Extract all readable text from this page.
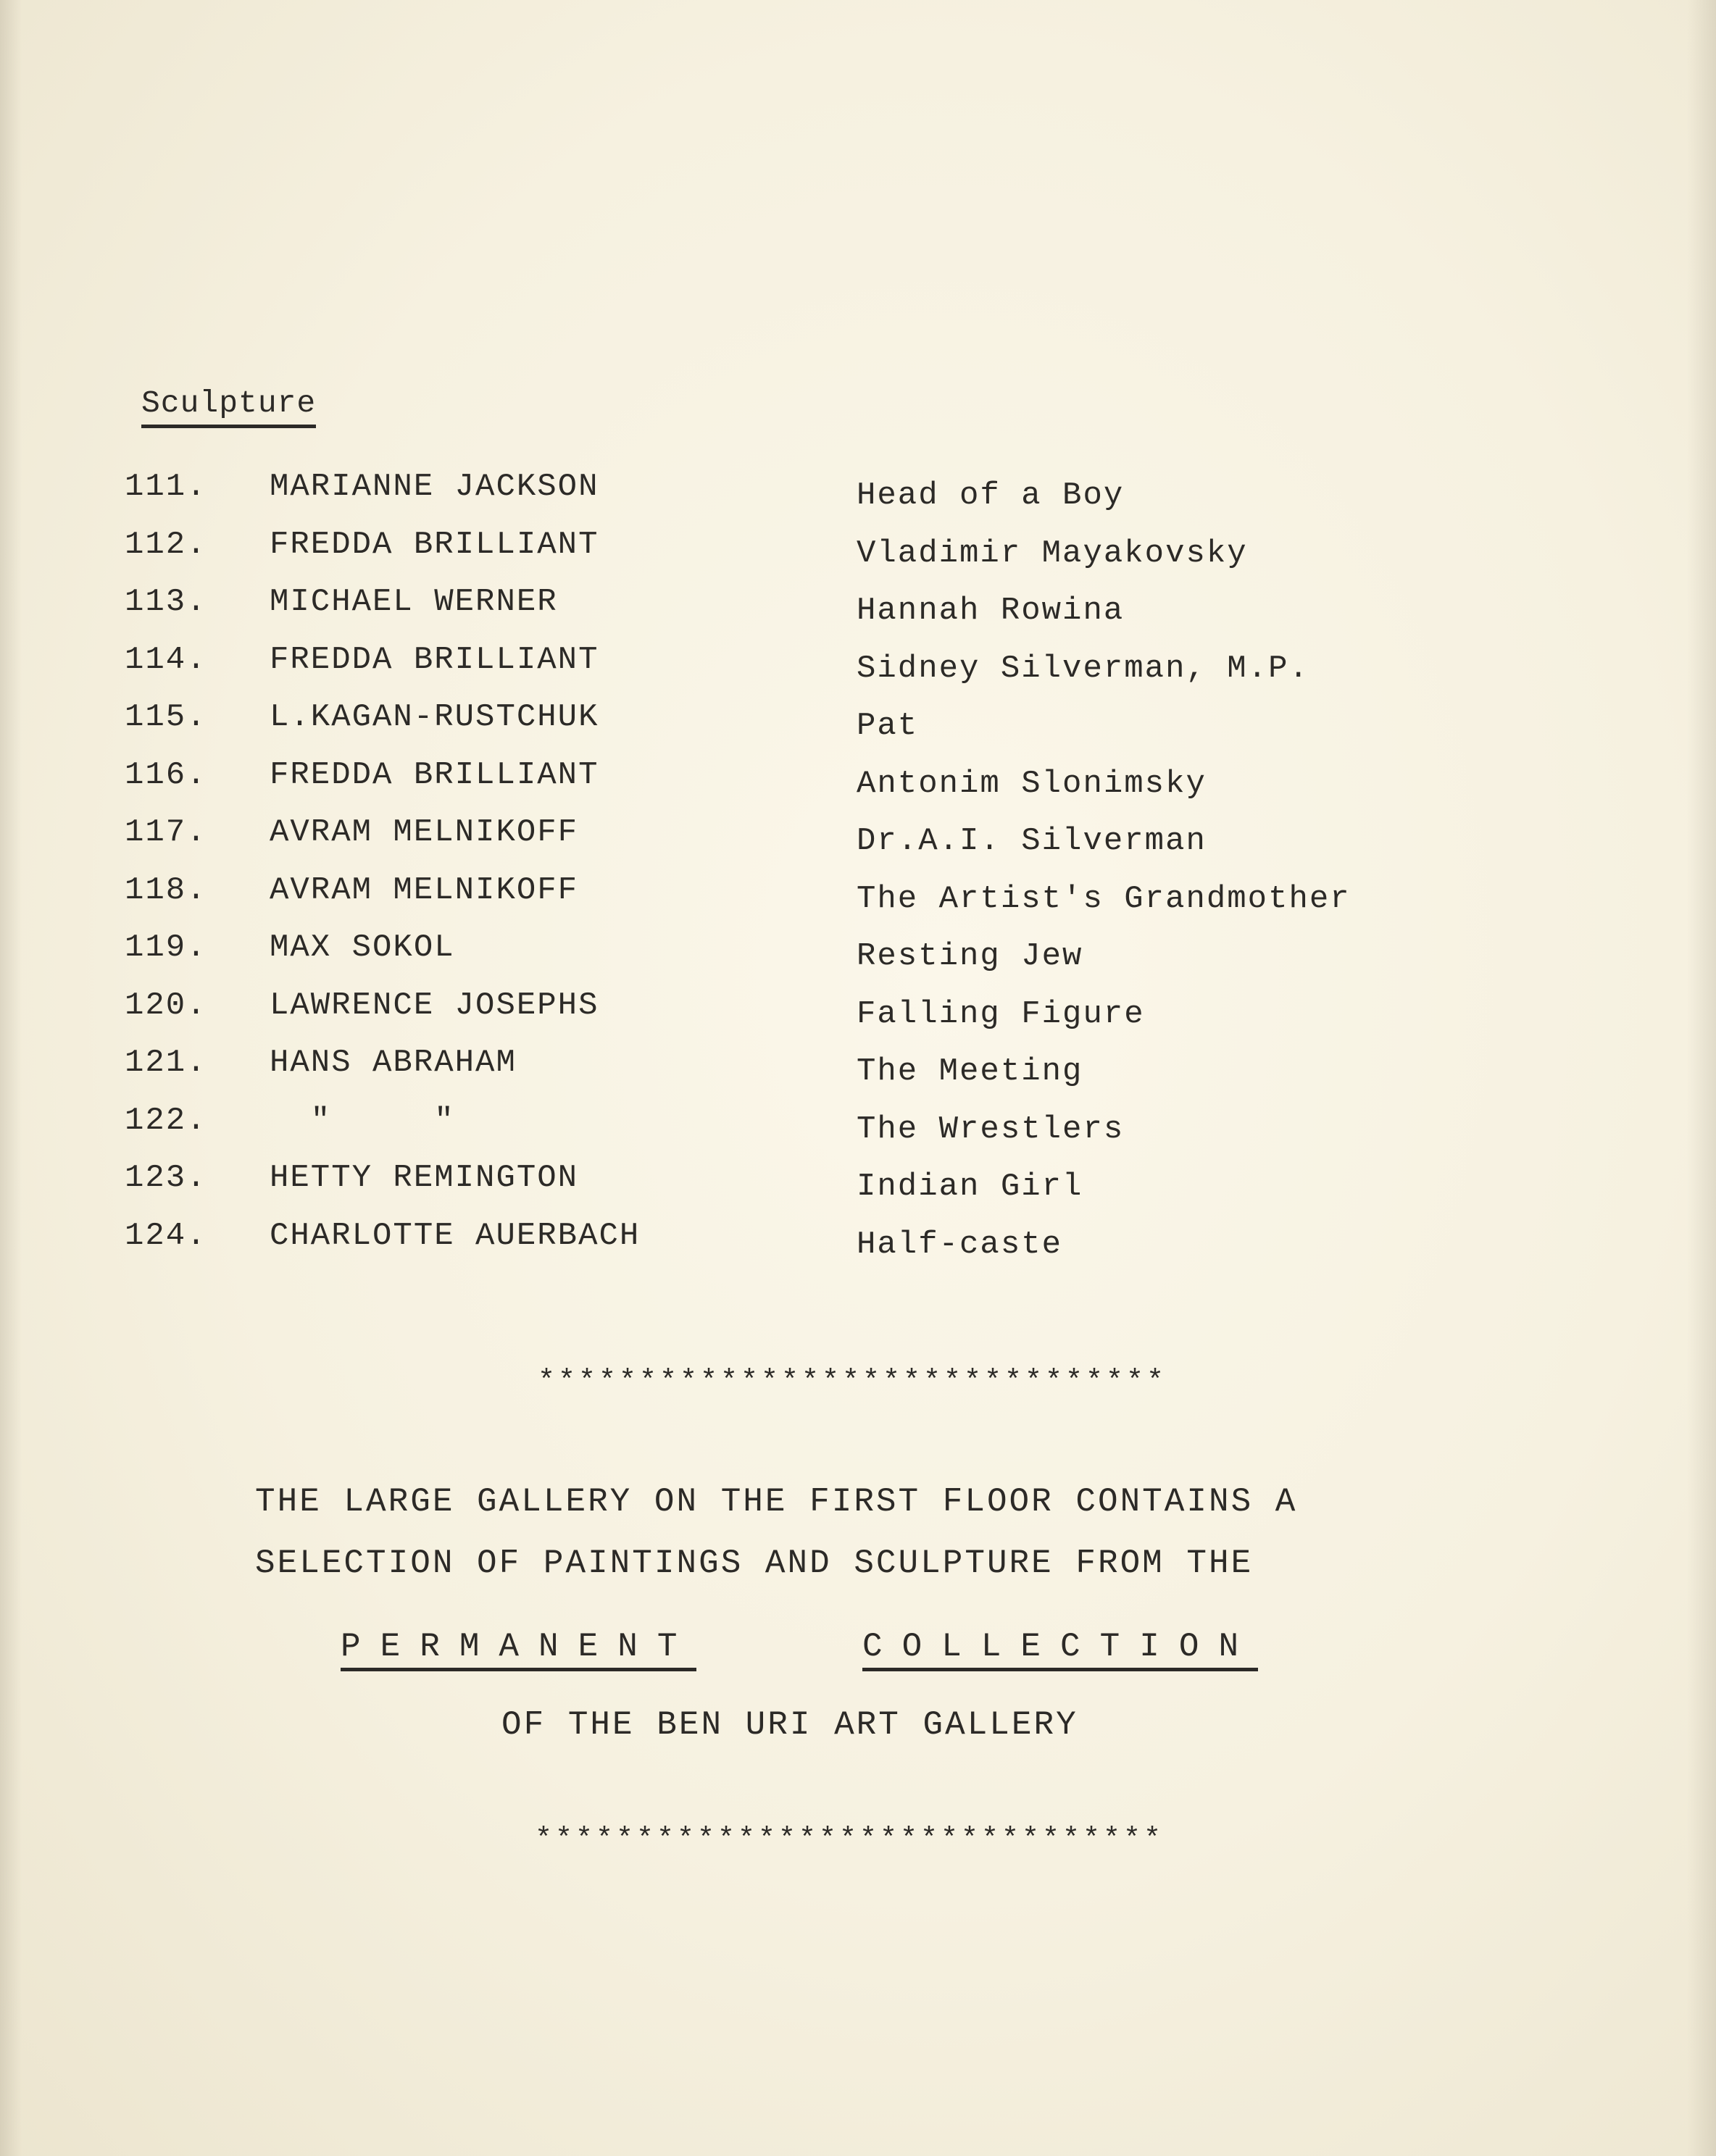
Sculpture
111. MARIANNE JACKSON	Head of a Boy
112. FREDDA BRILLIANT	Vladimir Mayakovsky
113. MICHAEL WERNER	Hannah Rowina
114. FREDDA BRILLIANT	Sidney Silverman, M.P.
115. L.KAGAN-RUSTCHUK	Pat
116. FREDDA BRILLIANT	Antonim Slonimsky
117. AVRAM MELNIKOFF	Dr.A.I. Silverman
118. AVRAM MELNIKOFF	The Artist's Grandmother
119. MAX SOKOL	Resting Jew
120. LAWRENCE JOSEPHS	Falling Figure
121. HANS ABRAHAM	The Meeting
122. "     "	The Wrestlers
123. HETTY REMINGTON	Indian Girl
124. CHARLOTTE AUERBACH	Half-caste
*******************************
THE LARGE GALLERY ON THE FIRST FLOOR CONTAINS A
SELECTION OF PAINTINGS AND SCULPTURE FROM THE
PERMANENT	COLLECTION
OF THE BEN URI ART GALLERY
*******************************
